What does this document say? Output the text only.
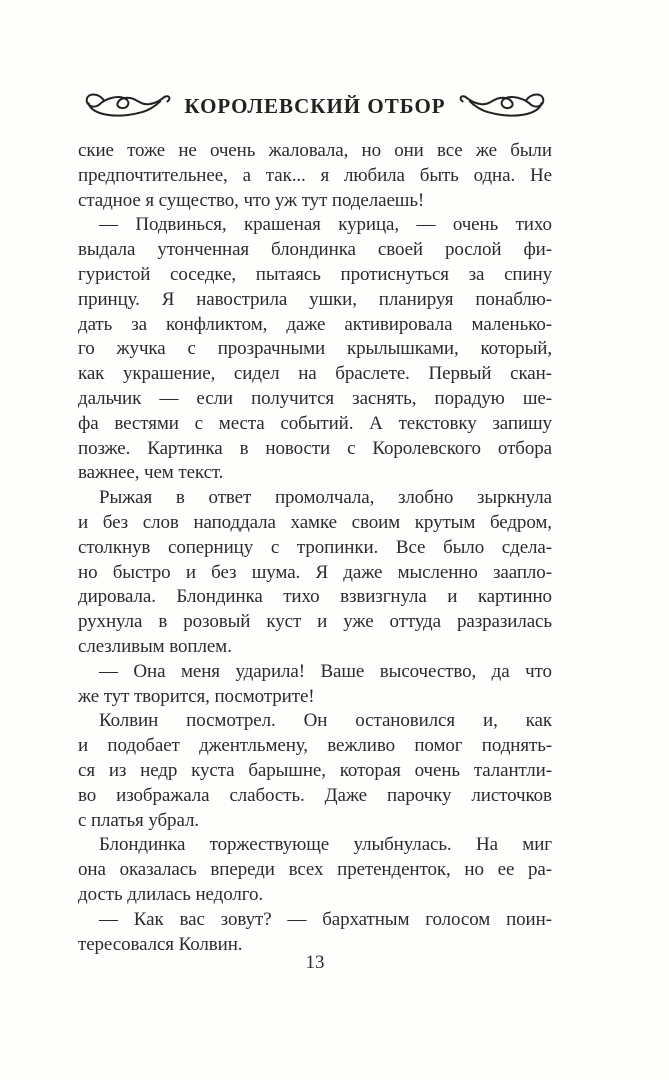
КОРОЛЕВСКИЙ ОТБОР

ские тоже не очень жаловала, но они все же были
предпочтительнее, а так... я любила быть одна. Не
стадное я существо, что уж тут поделаешь!

— Подвинься, крашеная курица, — очень тихо
выдала утонченная блондинка своей рослой фи-
гуристой соседке, пытаясь протиснуться за спину
принцу. Я навострила ушки, планируя понаблю-
дать за конфликтом, даже активировала маленько-
го жучка с прозрачными крылышками, который,
как украшение, сидел на браслете. Первый скан-
дальчик — если получится заснять, порадую ше-
фа вестями с места событий. А текстовку запишу
позже. Картинка в новости с Королевского отбора
важнее, чем текст.

Рыжая в ответ промолчала, злобно зыркнула
и без слов наподдала хамке своим крутым бедром,
столкнув соперницу с тропинки. Все было сдела-
но быстро и без шума. Я даже мысленно заапло-
дировала. Блондинка тихо взвизгнула и картинно
рухнула в розовый куст и уже оттуда разразилась
слезливым воплем.

— Она меня ударила! Ваше высочество, да что
же тут творится, посмотрите!

Колвин посмотрел. Он остановился и, как
и подобает джентльмену, вежливо помог поднять-
ся из недр куста барышне, которая очень талантли-
во изображала слабость. Даже парочку листочков
с платья убрал.

Блондинка торжествующе улыбнулась. На миг
она оказалась впереди всех претенденток, но ее ра-
дость длилась недолго.

— Как вас зовут? — бархатным голосом поин-
тересовался Колвин.

13
